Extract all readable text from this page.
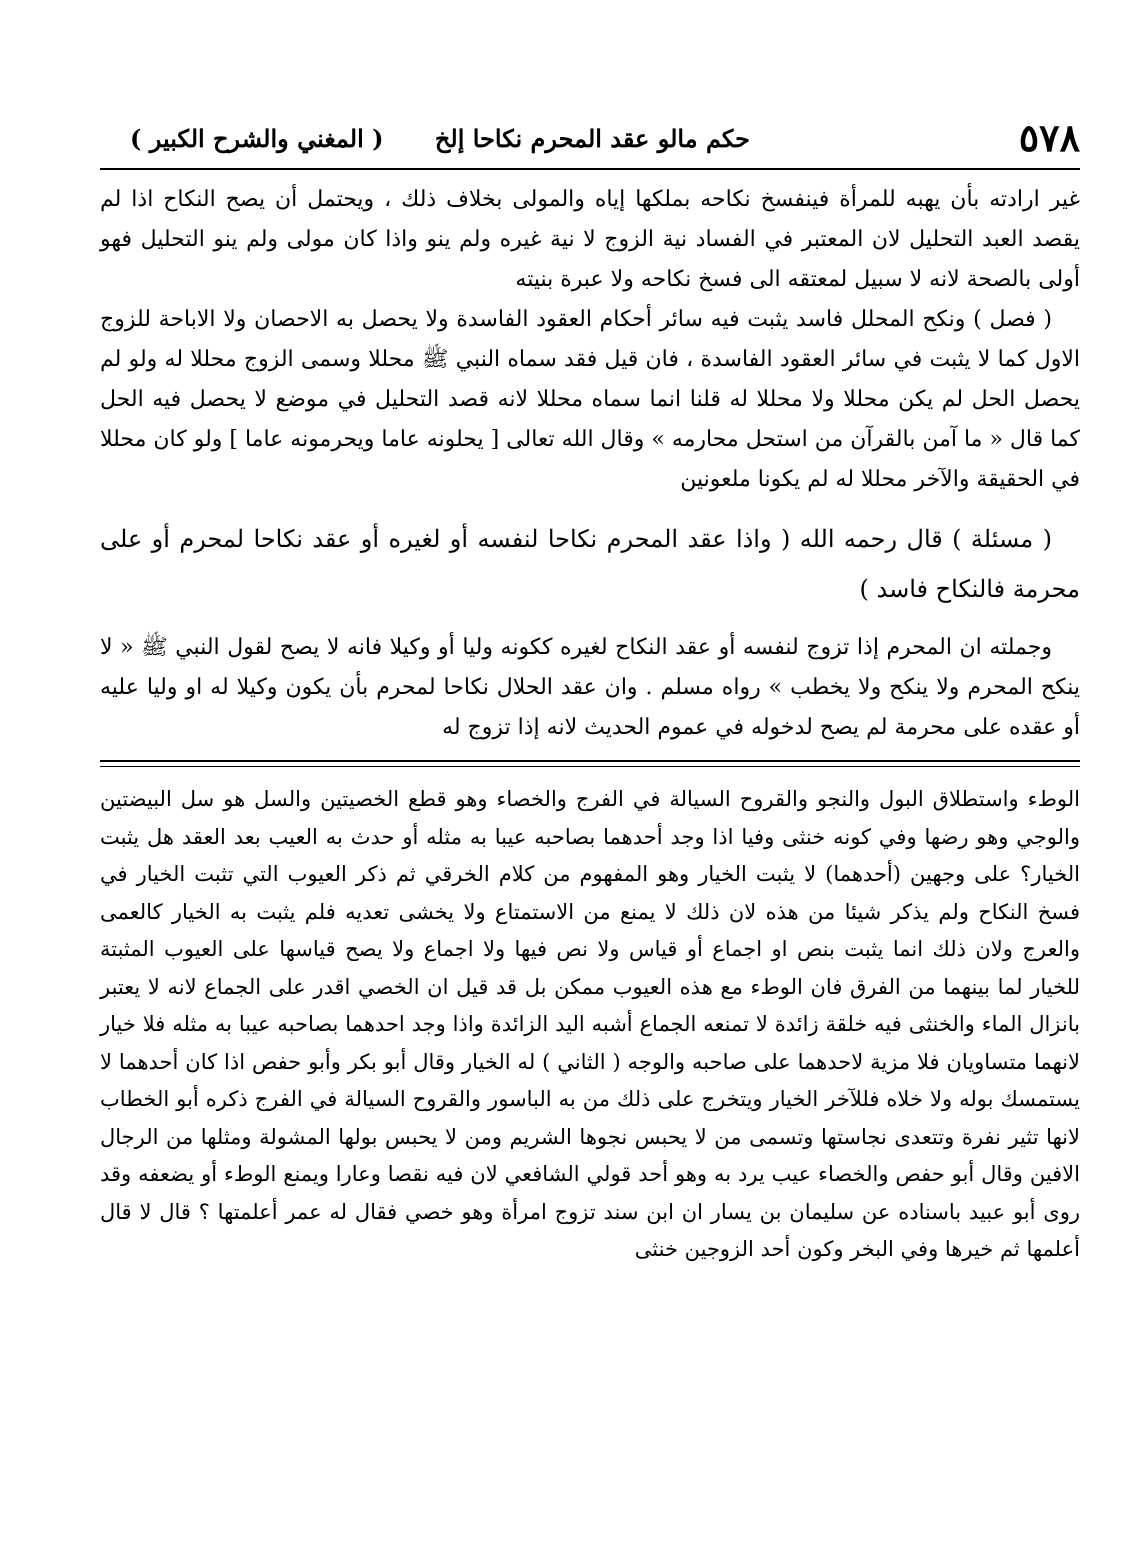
٥٧٨
حكم مالو عقد المحرم نكاحا إلخ
( المغني والشرح الكبير )

غير ارادته بأن يهبه للمرأة فينفسخ نكاحه بملكها إياه والمولى بخلاف ذلك ، ويحتمل أن يصح النكاح اذا لم يقصد العبد التحليل لان المعتبر في الفساد نية الزوج لا نية غيره ولم ينو واذا كان مولى ولم ينو التحليل فهو أولى بالصحة لانه لا سبيل لمعتقه الى فسخ نكاحه ولا عبرة بنيته

( فصل ) ونكح المحلل فاسد يثبت فيه سائر أحكام العقود الفاسدة ولا يحصل به الاحصان ولا الاباحة للزوج الاول كما لا يثبت في سائر العقود الفاسدة ، فان قيل فقد سماه النبي ﷺ محللا وسمى الزوج محللا له ولو لم يحصل الحل لم يكن محللا ولا محللا له قلنا انما سماه محللا لانه قصد التحليل في موضع لا يحصل فيه الحل كما قال « ما آمن بالقرآن من استحل محارمه » وقال الله تعالى [ يحلونه عاما ويحرمونه عاما ] ولو كان محللا في الحقيقة والآخر محللا له لم يكونا ملعونين

( مسئلة ) قال رحمه الله ( واذا عقد المحرم نكاحا لنفسه أو لغيره أو عقد نكاحا لمحرم أو على محرمة فالنكاح فاسد )

وجملته ان المحرم إذا تزوج لنفسه أو عقد النكاح لغيره ككونه وليا أو وكيلا فانه لا يصح لقول النبي ﷺ « لا ينكح المحرم ولا ينكح ولا يخطب » رواه مسلم . وان عقد الحلال نكاحا لمحرم بأن يكون وكيلا له او وليا عليه أو عقده على محرمة لم يصح لدخوله في عموم الحديث لانه إذا تزوج له

الوطء واستطلاق البول والنجو والقروح السيالة في الفرج والخصاء وهو قطع الخصيتين والسل هو سل البيضتين والوجي وهو رضها وفي كونه خنثى وفيا اذا وجد أحدهما بصاحبه عيبا به مثله أو حدث به العيب بعد العقد هل يثبت الخيار؟ على وجهين (أحدهما) لا يثبت الخيار وهو المفهوم من كلام الخرقي ثم ذكر العيوب التي تثبت الخيار في فسخ النكاح ولم يذكر شيئا من هذه لان ذلك لا يمنع من الاستمتاع ولا يخشى تعديه فلم يثبت به الخيار كالعمى والعرج ولان ذلك انما يثبت بنص او اجماع أو قياس ولا نص فيها ولا اجماع ولا يصح قياسها على العيوب المثبتة للخيار لما بينهما من الفرق فان الوطء مع هذه العيوب ممكن بل قد قيل ان الخصي اقدر على الجماع لانه لا يعتبر بانزال الماء والخنثى فيه خلقة زائدة لا تمنعه الجماع أشبه اليد الزائدة واذا وجد احدهما بصاحبه عيبا به مثله فلا خيار لانهما متساويان فلا مزية لاحدهما على صاحبه والوجه ( الثاني ) له الخيار وقال أبو بكر وأبو حفص اذا كان أحدهما لا يستمسك بوله ولا خلاه فللآخر الخيار ويتخرج على ذلك من به الباسور والقروح السيالة في الفرج ذكره أبو الخطاب لانها تثير نفرة وتتعدى نجاستها وتسمى من لا يحبس نجوها الشريم ومن لا يحبس بولها المشولة ومثلها من الرجال الافين وقال أبو حفص والخصاء عيب يرد به وهو أحد قولي الشافعي لان فيه نقصا وعارا ويمنع الوطء أو يضعفه وقد روى أبو عبيد باسناده عن سليمان بن يسار ان ابن سند تزوج امرأة وهو خصي فقال له عمر أعلمتها ؟ قال لا قال أعلمها ثم خيرها وفي البخر وكون أحد الزوجين خنثى
